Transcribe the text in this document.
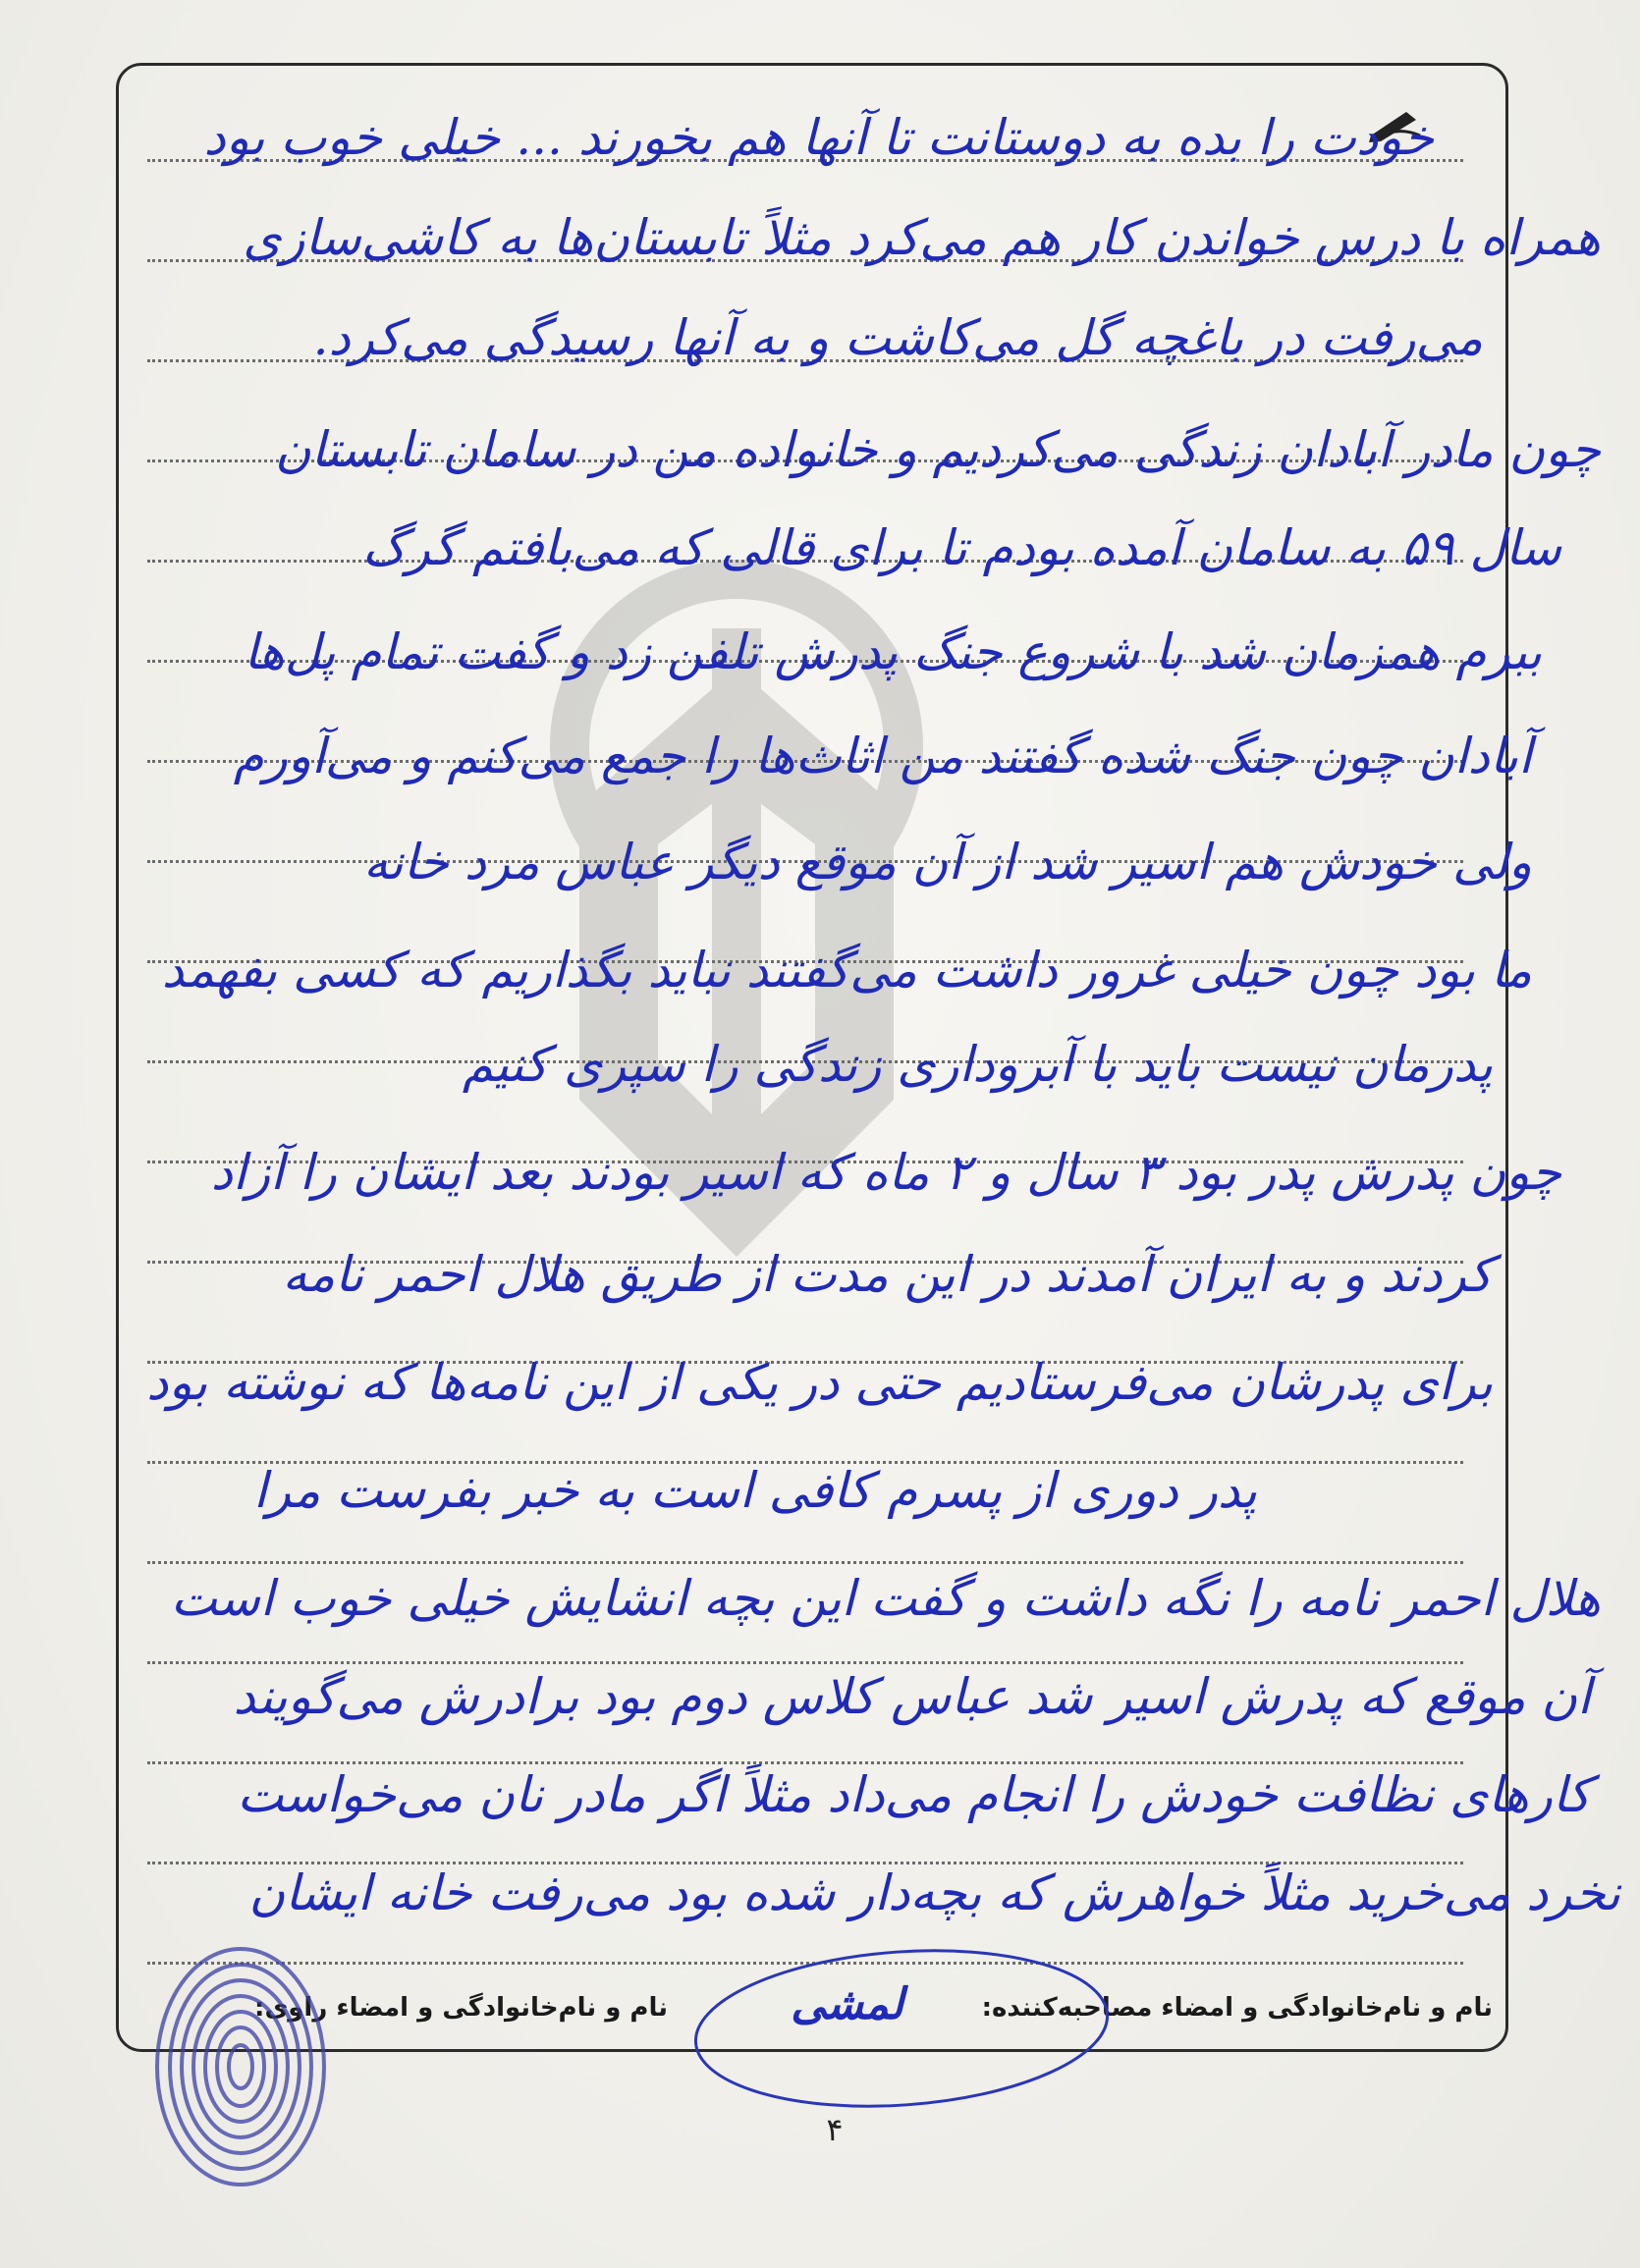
خودت را بده به دوستانت تا آنها هم بخورند ... خیلی خوب بود
همراه با درس خواندن کار هم می‌کرد مثلاً تابستان‌ها به کاشی‌سازی
می‌رفت در باغچه گل می‌کاشت و به آنها رسیدگی می‌کرد.
چون مادر آبادان زندگی می‌کردیم و خانواده من در سامان تابستان
سال ۵۹ به سامان آمده بودم تا برای قالی که می‌بافتم گرگ
ببرم همزمان شد با شروع جنگ پدرش تلفن زد و گفت تمام پل‌ها
آبادان چون جنگ شده گفتند من اثاث‌ها را جمع می‌کنم و می‌آورم
ولی خودش هم اسیر شد از آن موقع دیگر عباس مرد خانه
ما بود چون خیلی غرور داشت می‌گفتند نباید بگذاریم که کسی بفهمد
پدرمان نیست باید با آبروداری زندگی را سپری کنیم
چون پدرش پدر بود ۳ سال و ۲ ماه که اسیر بودند بعد ایشان را آزاد
کردند و به ایران آمدند در این مدت از طریق هلال احمر نامه
برای پدرشان می‌فرستادیم حتی در یکی از این نامه‌ها که نوشته بود
پدر دوری از پسرم کافی است به خبر بفرست مرا
هلال احمر نامه را نگه داشت و گفت این بچه انشایش خیلی خوب است
آن موقع که پدرش اسیر شد عباس کلاس دوم بود برادرش می‌گویند
کارهای نظافت خودش را انجام می‌داد مثلاً اگر مادر نان می‌خواست
نخرد می‌خرید مثلاً خواهرش که بچه‌دار شده بود می‌رفت خانه ایشان
نام و نام‌خانوادگی و امضاء مصاحبه‌کننده:
لمشی
نام و نام‌خانوادگی و امضاء راوی:
۴
